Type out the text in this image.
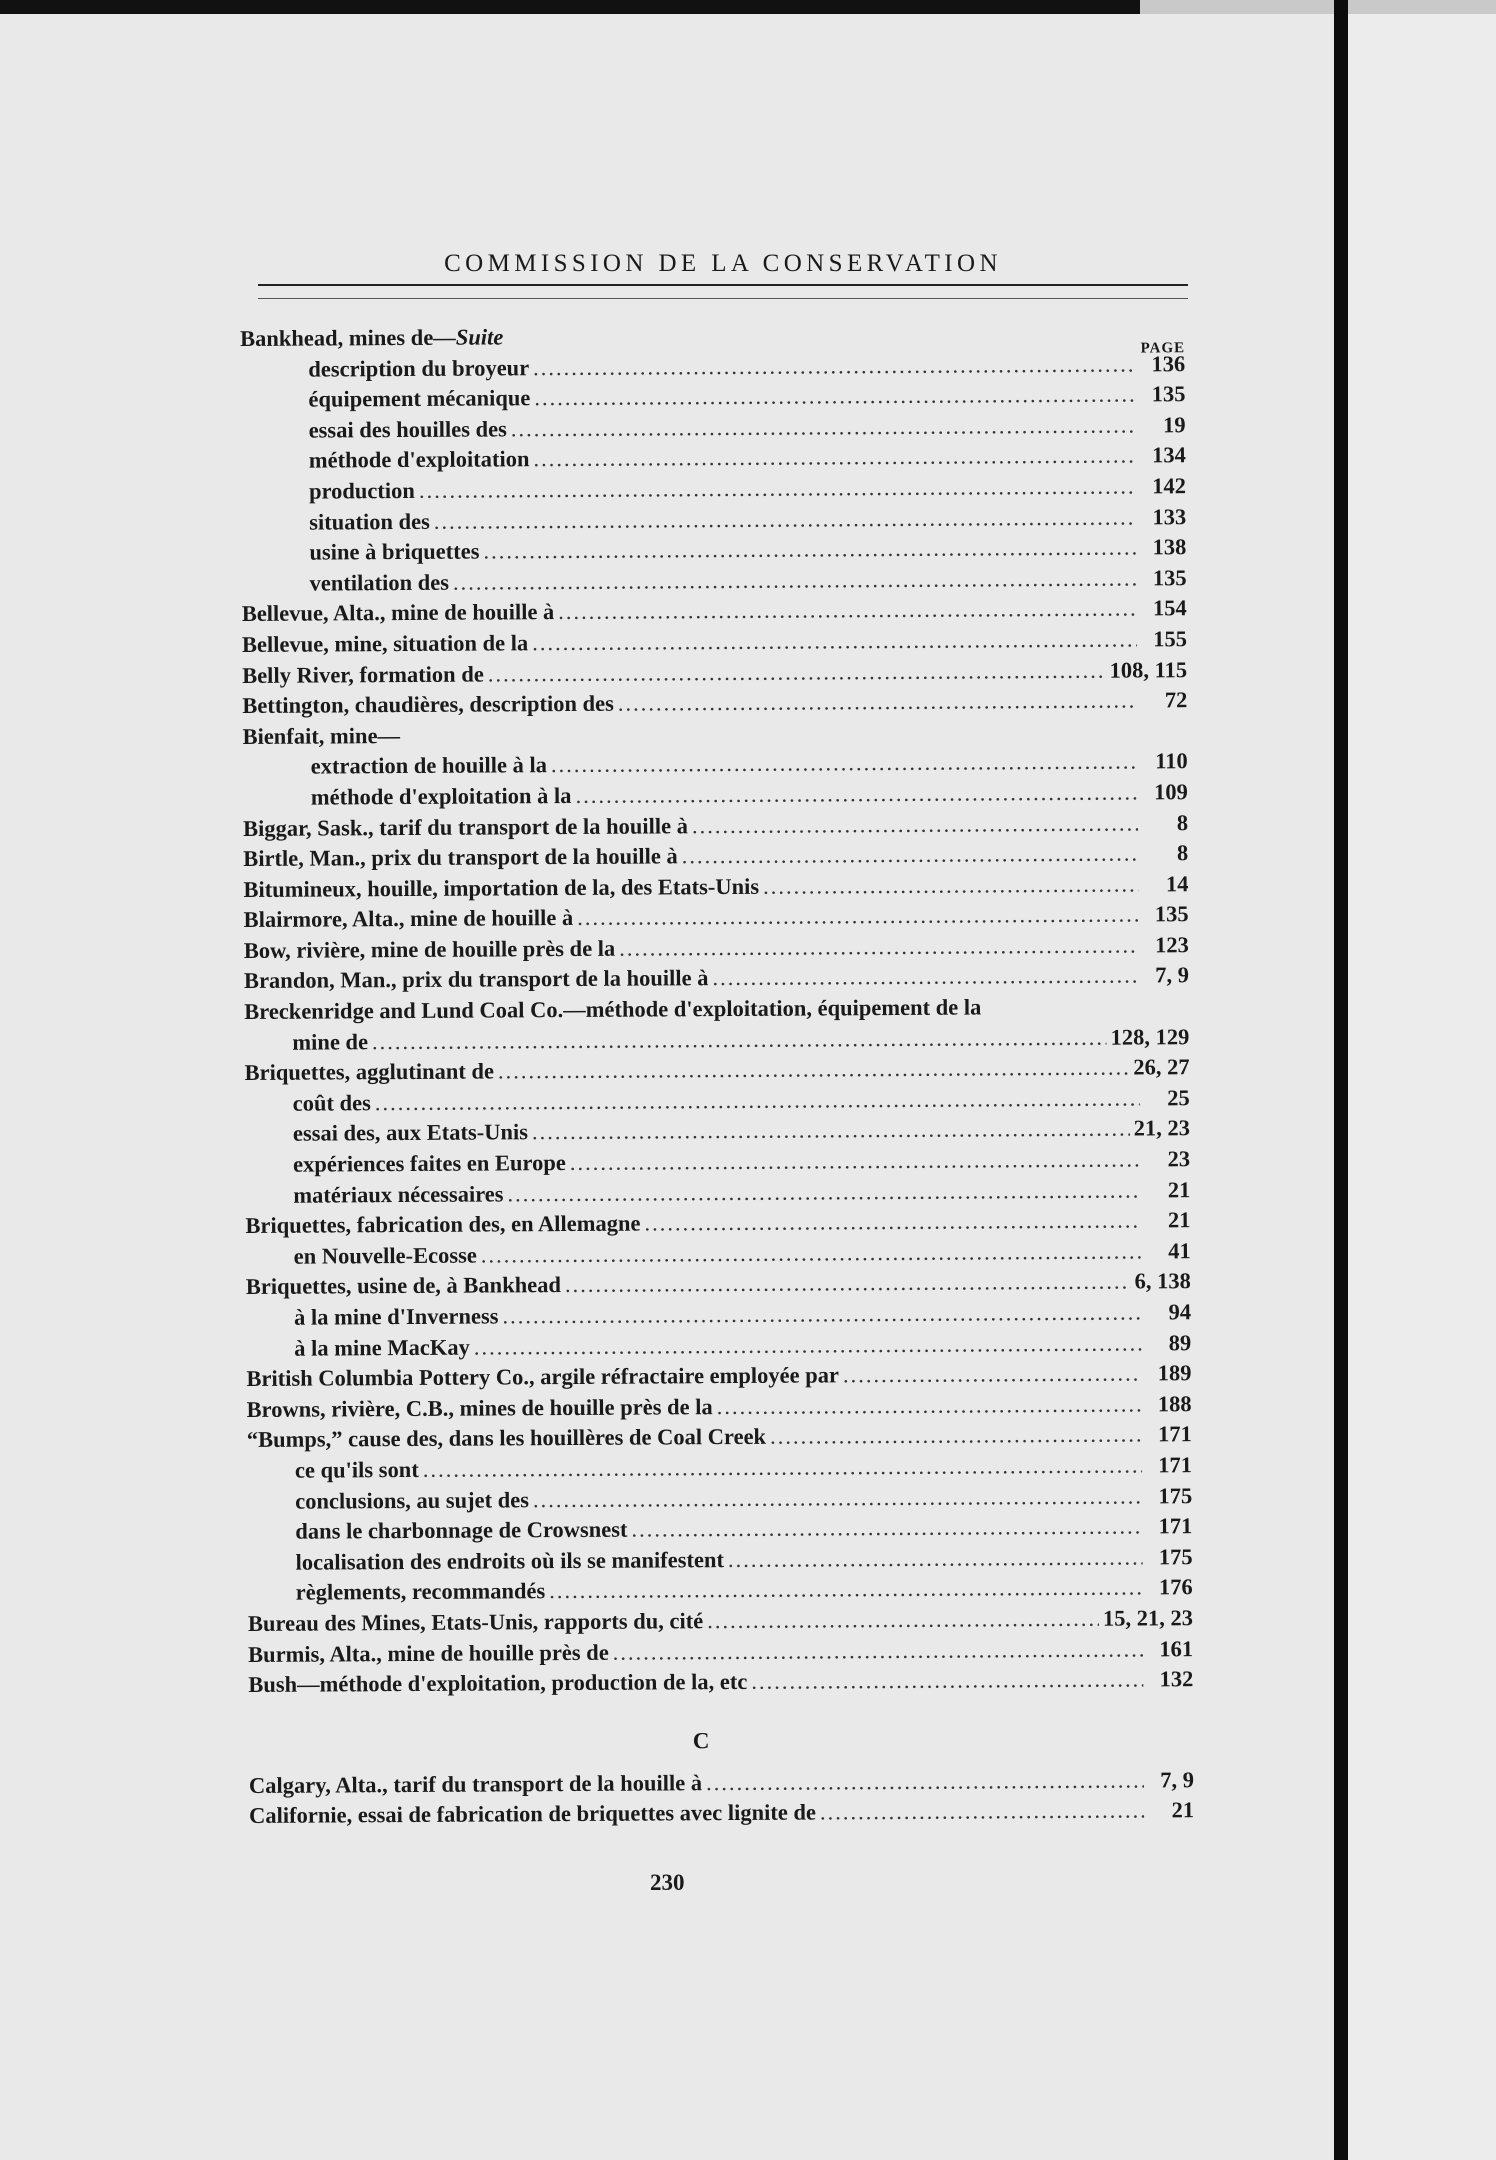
COMMISSION DE LA CONSERVATION
Bankhead, mines de—Suite	PAGE
description du broyeur .....	136
équipement mécanique .....	135
essai des houilles des .....	19
méthode d'exploitation .....	134
production .....	142
situation des .....	133
usine à briquettes .....	138
ventilation des .....	135
Bellevue, Alta., mine de houille à .....	154
Bellevue, mine, situation de la .....	155
Belly River, formation de .....	108, 115
Bettington, chaudières, description des .....	72
Bienfait, mine—
extraction de houille à la .....	110
méthode d'exploitation à la .....	109
Biggar, Sask., tarif du transport de la houille à .....	8
Birtle, Man., prix du transport de la houille à .....	8
Bitumineux, houille, importation de la, des Etats-Unis .....	14
Blairmore, Alta., mine de houille à .....	135
Bow, rivière, mine de houille près de la .....	123
Brandon, Man., prix du transport de la houille à .....	7, 9
Breckenridge and Lund Coal Co.—méthode d'exploitation, équipement de la
mine de .....	128, 129
Briquettes, agglutinant de .....	26, 27
coût des .....	25
essai des, aux Etats-Unis .....	21, 23
expériences faites en Europe .....	23
matériaux nécessaires .....	21
Briquettes, fabrication des, en Allemagne .....	21
en Nouvelle-Ecosse .....	41
Briquettes, usine de, à Bankhead .....	6, 138
à la mine d'Inverness .....	94
à la mine MacKay .....	89
British Columbia Pottery Co., argile réfractaire employée par .....	189
Browns, rivière, C.B., mines de houille près de la .....	188
“Bumps,” cause des, dans les houillères de Coal Creek .....	171
ce qu'ils sont .....	171
conclusions, au sujet des .....	175
dans le charbonnage de Crowsnest .....	171
localisation des endroits où ils se manifestent .....	175
règlements, recommandés .....	176
Bureau des Mines, Etats-Unis, rapports du, cité .....	15, 21, 23
Burmis, Alta., mine de houille près de .....	161
Bush—méthode d'exploitation, production de la, etc .....	132
C
Calgary, Alta., tarif du transport de la houille à .....	7, 9
Californie, essai de fabrication de briquettes avec lignite de .....	21
230
